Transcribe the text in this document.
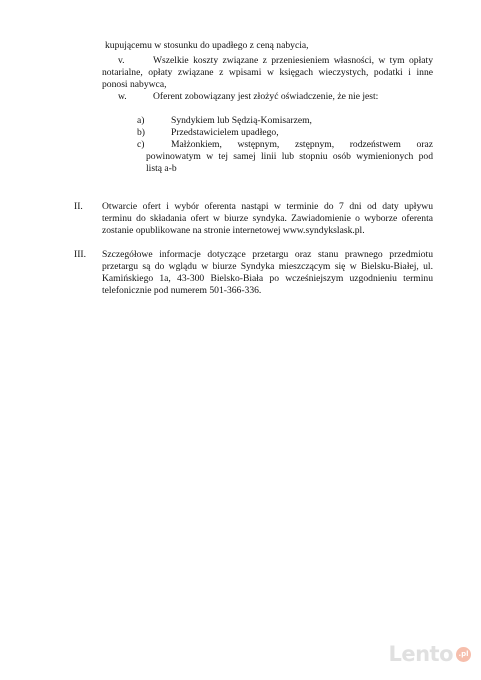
kupującemu w stosunku do upadłego z ceną nabycia,

v.	Wszelkie koszty związane z przeniesieniem własności, w tym opłaty

notarialne, opłaty związane z wpisami w księgach wieczystych, podatki i inne

ponosi nabywca,

w.	Oferent zobowiązany jest złożyć oświadczenie, że nie jest:

a)	Syndykiem lub Sędzią-Komisarzem,

b)	Przedstawicielem upadłego,

c)	Małżonkiem, wstępnym, zstępnym, rodzeństwem oraz

powinowatym w tej samej linii lub stopniu osób wymienionych pod

listą a-b

II. Otwarcie ofert i wybór oferenta nastąpi w terminie do 7 dni od daty upływu

terminu do składania ofert w biurze syndyka. Zawiadomienie o wyborze oferenta

zostanie opublikowane na stronie internetowej www.syndykslask.pl.

III. Szczegółowe informacje dotyczące przetargu oraz stanu prawnego przedmiotu

przetargu są do wglądu w biurze Syndyka mieszczącym się w Bielsku-Białej, ul.

Kamińskiego 1a, 43-300 Bielsko-Biała po wcześniejszym uzgodnieniu terminu

telefonicznie pod numerem 501-366-336.

Lento .pl
